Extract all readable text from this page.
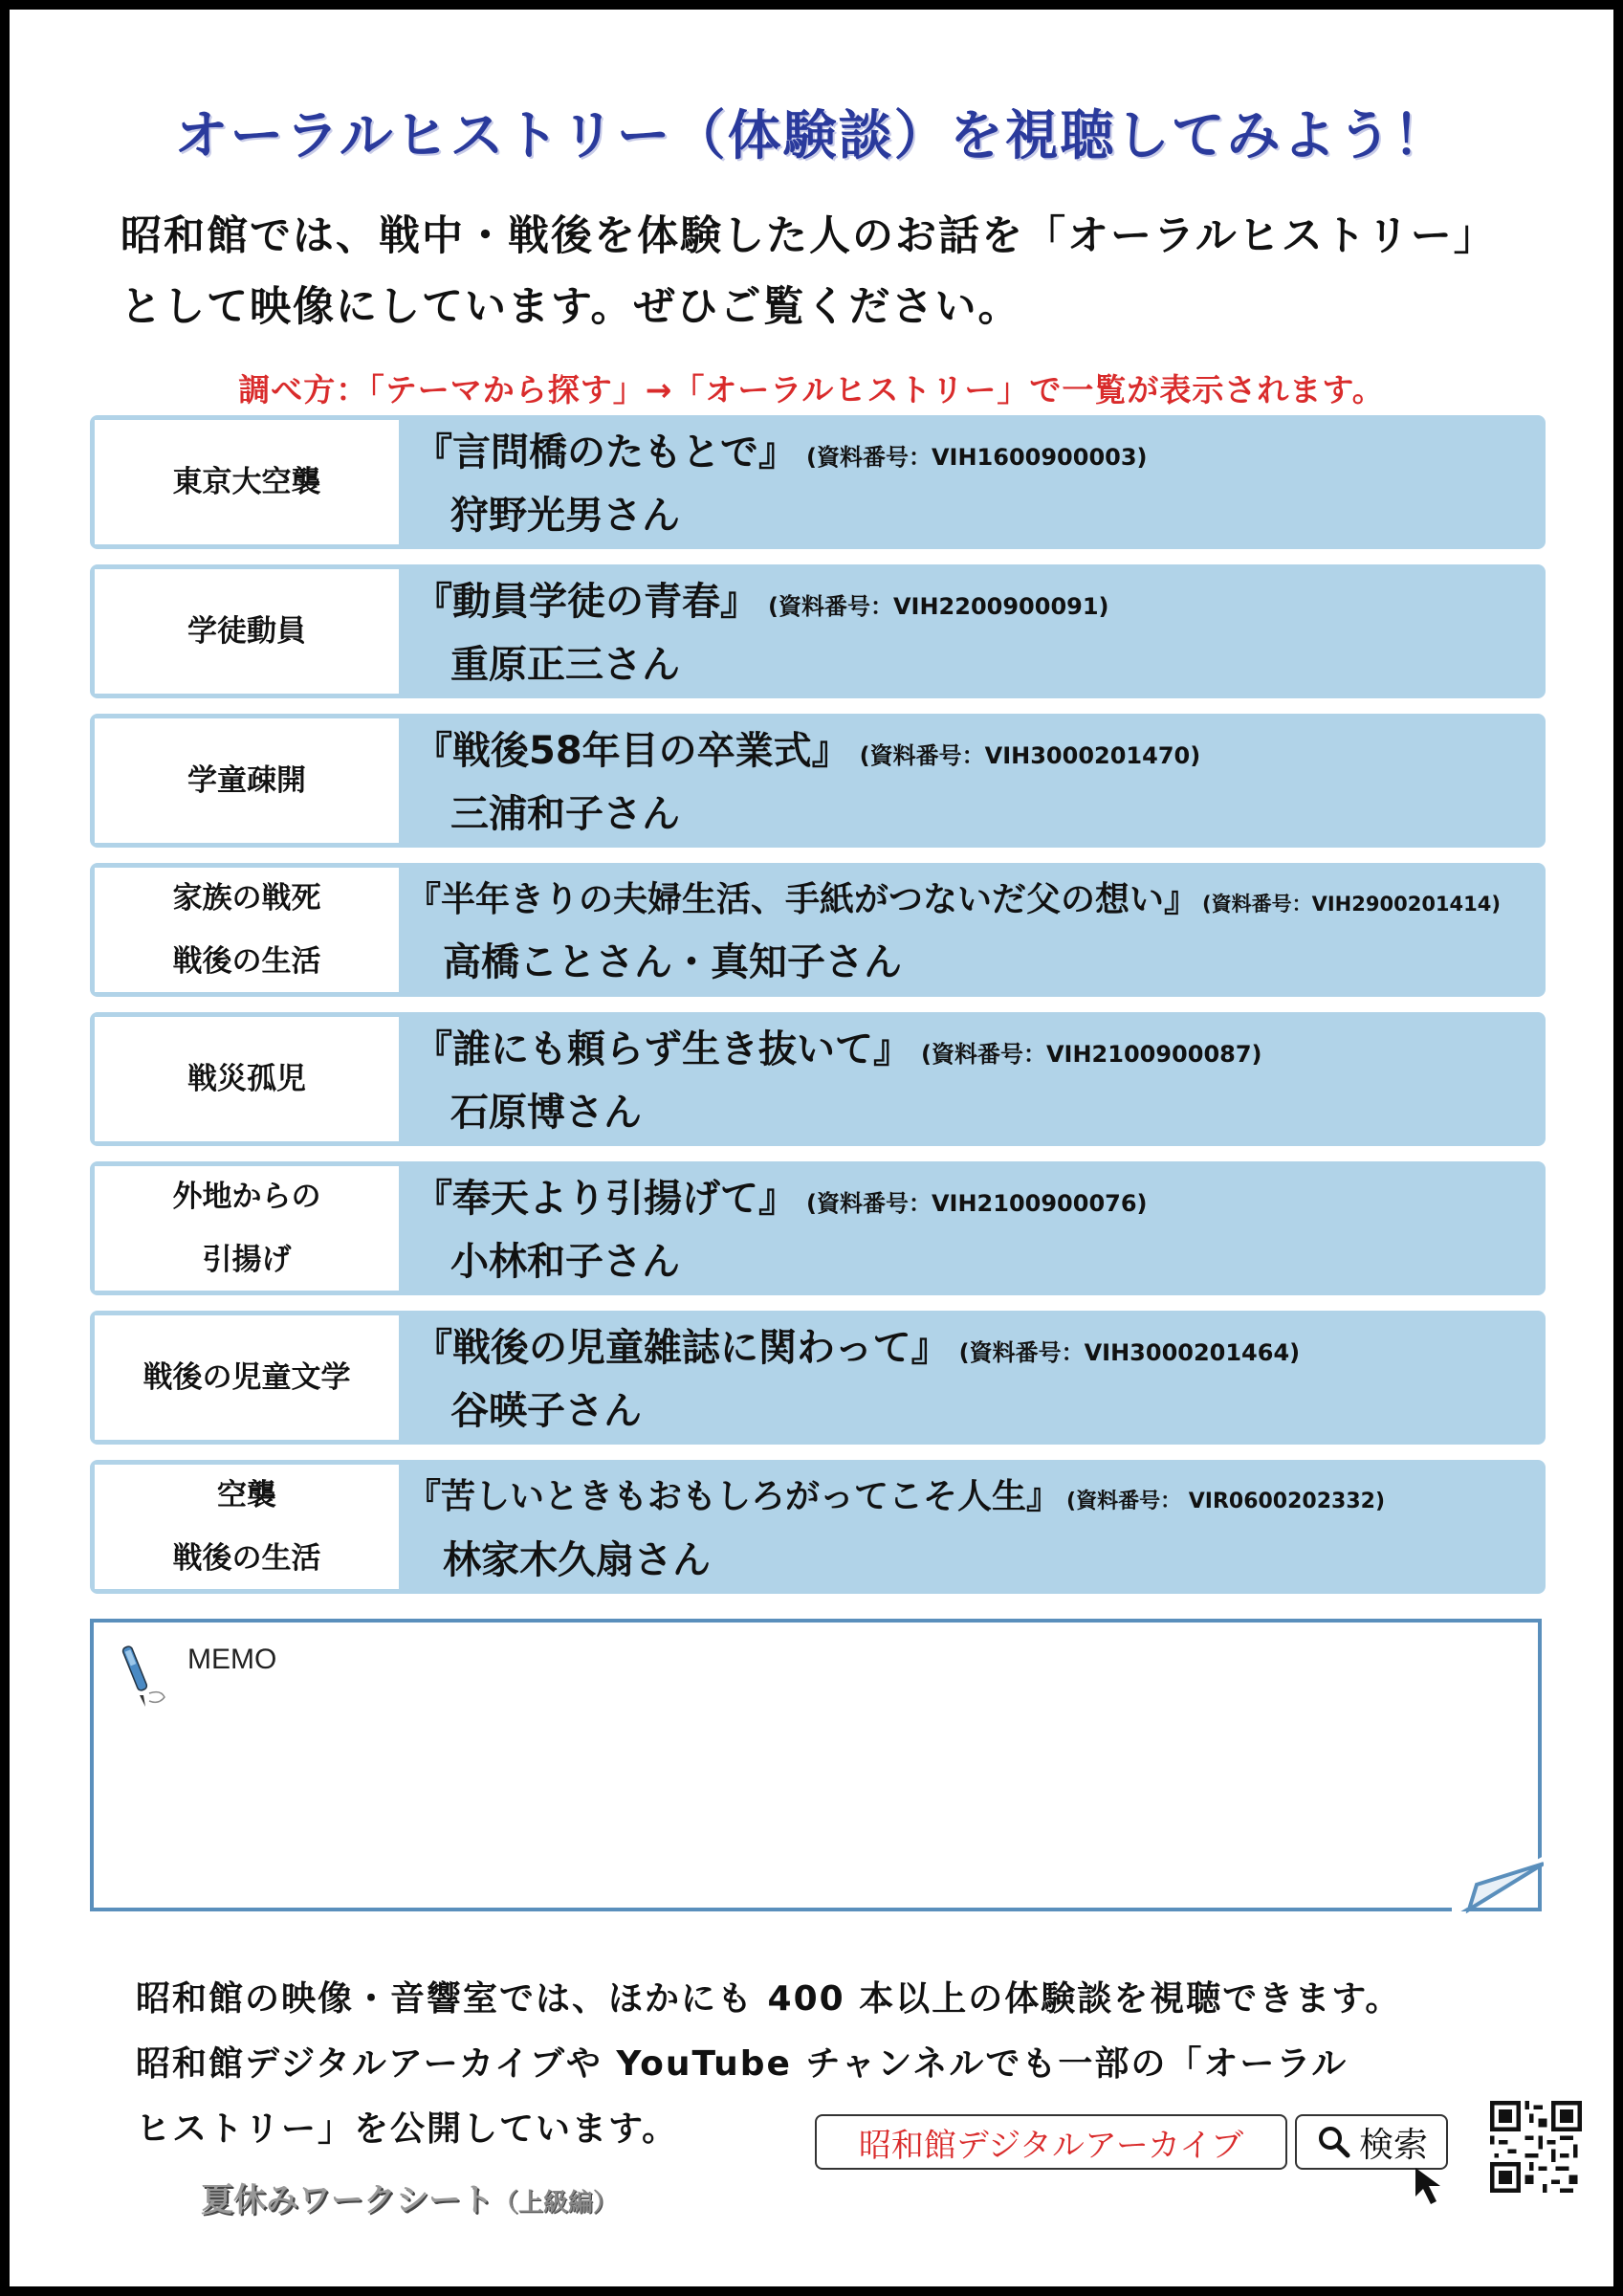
オーラルヒストリー（体験談）を視聴してみよう！
昭和館では、戦中・戦後を体験した人のお話を「オーラルヒストリー」
として映像にしています。ぜひご覧ください。
調べ方：「テーマから探す」→「オーラルヒストリー」で一覧が表示されます。
東京大空襲
『言問橋のたもとで』 (資料番号：VIH1600900003)
狩野光男さん
学徒動員
『動員学徒の青春』 (資料番号：VIH2200900091)
重原正三さん
学童疎開
『戦後58年目の卒業式』 (資料番号：VIH3000201470)
三浦和子さん
家族の戦死
戦後の生活
『半年きりの夫婦生活、手紙がつないだ父の想い』 (資料番号：VIH2900201414)
高橋ことさん・真知子さん
戦災孤児
『誰にも頼らず生き抜いて』 (資料番号：VIH2100900087)
石原博さん
外地からの
引揚げ
『奉天より引揚げて』 (資料番号：VIH2100900076)
小林和子さん
戦後の児童文学
『戦後の児童雑誌に関わって』 (資料番号：VIH3000201464)
谷暎子さん
空襲
戦後の生活
『苦しいときもおもしろがってこそ人生』 (資料番号： VIR0600202332)
林家木久扇さん
MEMO
昭和館の映像・音響室では、ほかにも 400 本以上の体験談を視聴できます。
昭和館デジタルアーカイブや YouTube チャンネルでも一部の「オーラル
ヒストリー」を公開しています。
夏休みワークシート（上級編）
昭和館デジタルアーカイブ	検索
